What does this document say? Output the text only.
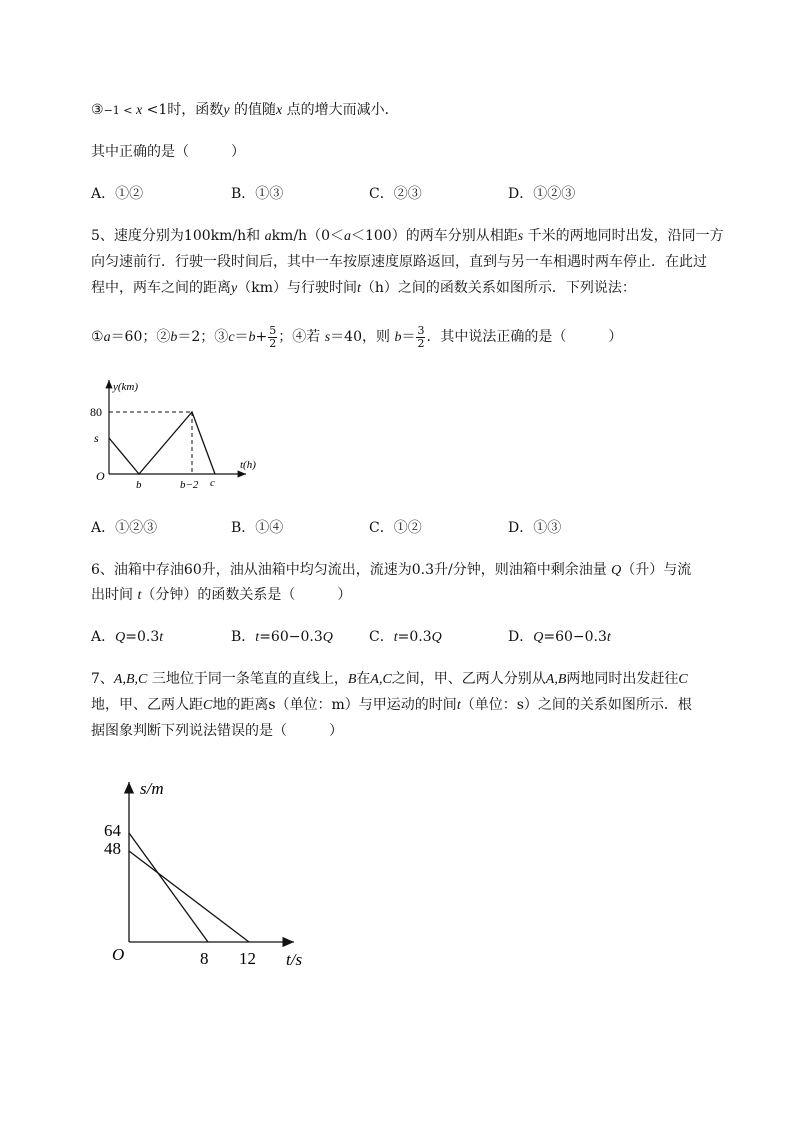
③−1 < x <1时，函数y 的值随x 点的增大而减小．
其中正确的是（　　　）
A．①②	B．①③	C．②③	D．①②③
5、速度分别为100km/h和 akm/h（0＜a＜100）的两车分别从相距s 千米的两地同时出发，沿同一方
向匀速前行．行驶一段时间后，其中一车按原速度原路返回，直到与另一车相遇时两车停止．在此过
程中，两车之间的距离y（km）与行驶时间t（h）之间的函数关系如图所示．下列说法：
①a＝60；②b＝2；③c＝b+ $\frac{5}{2}$ ；④若 s＝40，则 $b= \frac{3}{2}$ ．其中说法正确的是（　　　）
y(km)
t(h)
O
80
s
b	b−2 c
A．①②③	B．①④	C．①②	D．①③
6、油箱中存油60升，油从油箱中均匀流出，流速为0.3升/分钟，则油箱中剩余油量 Q（升）与流
出时间 t（分钟）的函数关系是（　　　）
A．Q=0.3t	B．t=60−0.3Q	C．t=0.3Q	D．Q=60−0.3t
7、A,B,C 三地位于同一条笔直的直线上，B在A,C之间，甲、乙两人分别从A,B两地同时出发赶往C
地，甲、乙两人距C地的距离s（单位：m）与甲运动的时间t（单位：s）之间的关系如图所示．根
据图象判断下列说法错误的是（　　　）
s/m
t/s
O
64
48
8 12
